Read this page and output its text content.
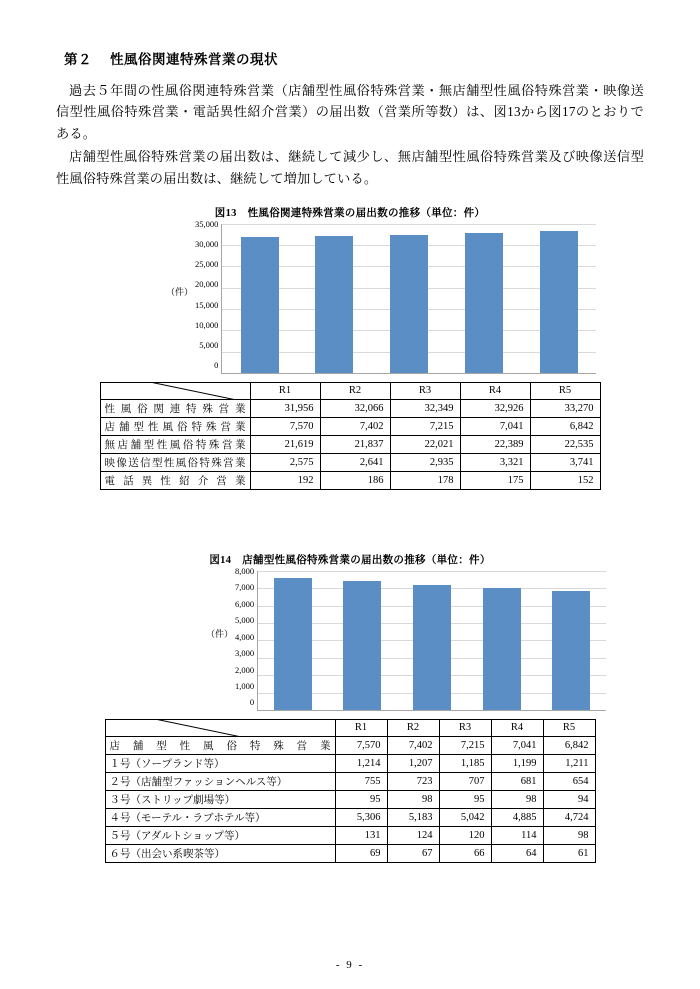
第２ 性風俗関連特殊営業の現状

過去５年間の性風俗関連特殊営業（店舗型性風俗特殊営業・無店舗型性風俗特殊営業・映像送信型性風俗特殊営業・電話異性紹介営業）の届出数（営業所等数）は、図13から図17のとおりである。

店舗型性風俗特殊営業の届出数は、継続して減少し、無店舗型性風俗特殊営業及び映像送信型性風俗特殊営業の届出数は、継続して増加している。

図13 性風俗関連特殊営業の届出数の推移（単位：件）
（件）
35,000
30,000
25,000
20,000
15,000
10,000
5,000
0
	R1	R2	R3	R4	R5
性風俗関連特殊営業	31,956	32,066	32,349	32,926	33,270
店舗型性風俗特殊営業	7,570	7,402	7,215	7,041	6,842
無店舗型性風俗特殊営業	21,619	21,837	22,021	22,389	22,535
映像送信型性風俗特殊営業	2,575	2,641	2,935	3,321	3,741
電話異性紹介営業	192	186	178	175	152
図14 店舗型性風俗特殊営業の届出数の推移（単位：件）
（件）
8,000
7,000
6,000
5,000
4,000
3,000
2,000
1,000
0
	R1	R2	R3	R4	R5
店舗型性風俗特殊営業	7,570	7,402	7,215	7,041	6,842
１号（ソープランド等）	1,214	1,207	1,185	1,199	1,211
２号（店舗型ファッションヘルス等）	755	723	707	681	654
３号（ストリップ劇場等）	95	98	95	98	94
４号（モーテル・ラブホテル等）	5,306	5,183	5,042	4,885	4,724
５号（アダルトショップ等）	131	124	120	114	98
６号（出会い系喫茶等）	69	67	66	64	61
- 9 -
